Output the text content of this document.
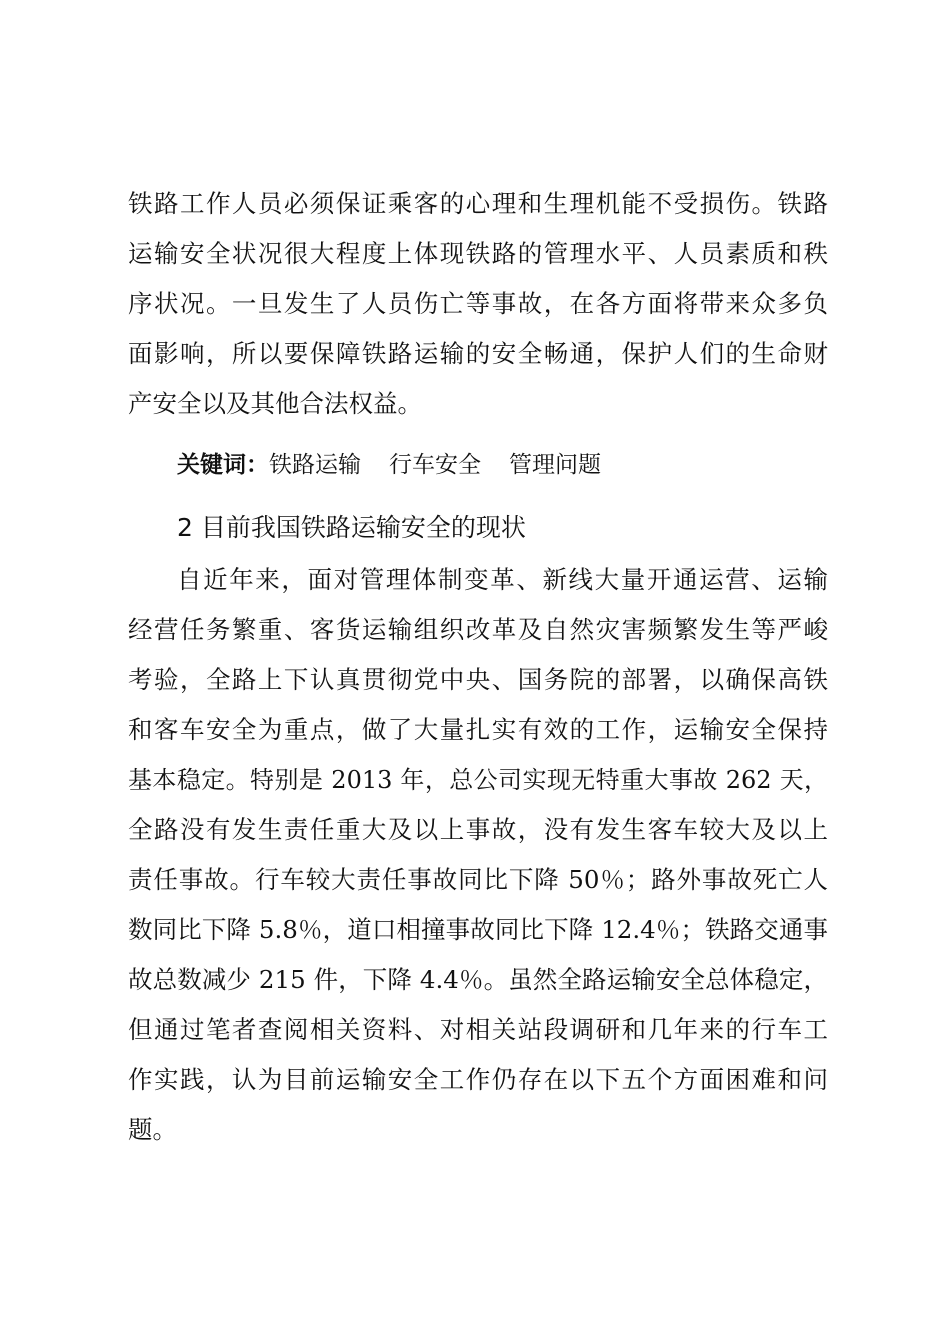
铁路工作人员必须保证乘客的心理和生理机能不受损伤。铁路
运输安全状况很大程度上体现铁路的管理水平、人员素质和秩
序状况。一旦发生了人员伤亡等事故，在各方面将带来众多负
面影响，所以要保障铁路运输的安全畅通，保护人们的生命财
产安全以及其他合法权益。
关键词：铁路运输 行车安全 管理问题
2 目前我国铁路运输安全的现状
自近年来，面对管理体制变革、新线大量开通运营、运输
经营任务繁重、客货运输组织改革及自然灾害频繁发生等严峻
考验，全路上下认真贯彻党中央、国务院的部署，以确保高铁
和客车安全为重点，做了大量扎实有效的工作，运输安全保持
基本稳定。特别是 2013 年，总公司实现无特重大事故 262 天，
全路没有发生责任重大及以上事故，没有发生客车较大及以上
责任事故。行车较大责任事故同比下降 50％；路外事故死亡人
数同比下降 5.8％，道口相撞事故同比下降 12.4％；铁路交通事
故总数减少 215 件，下降 4.4％。虽然全路运输安全总体稳定，
但通过笔者查阅相关资料、对相关站段调研和几年来的行车工
作实践，认为目前运输安全工作仍存在以下五个方面困难和问
题。
